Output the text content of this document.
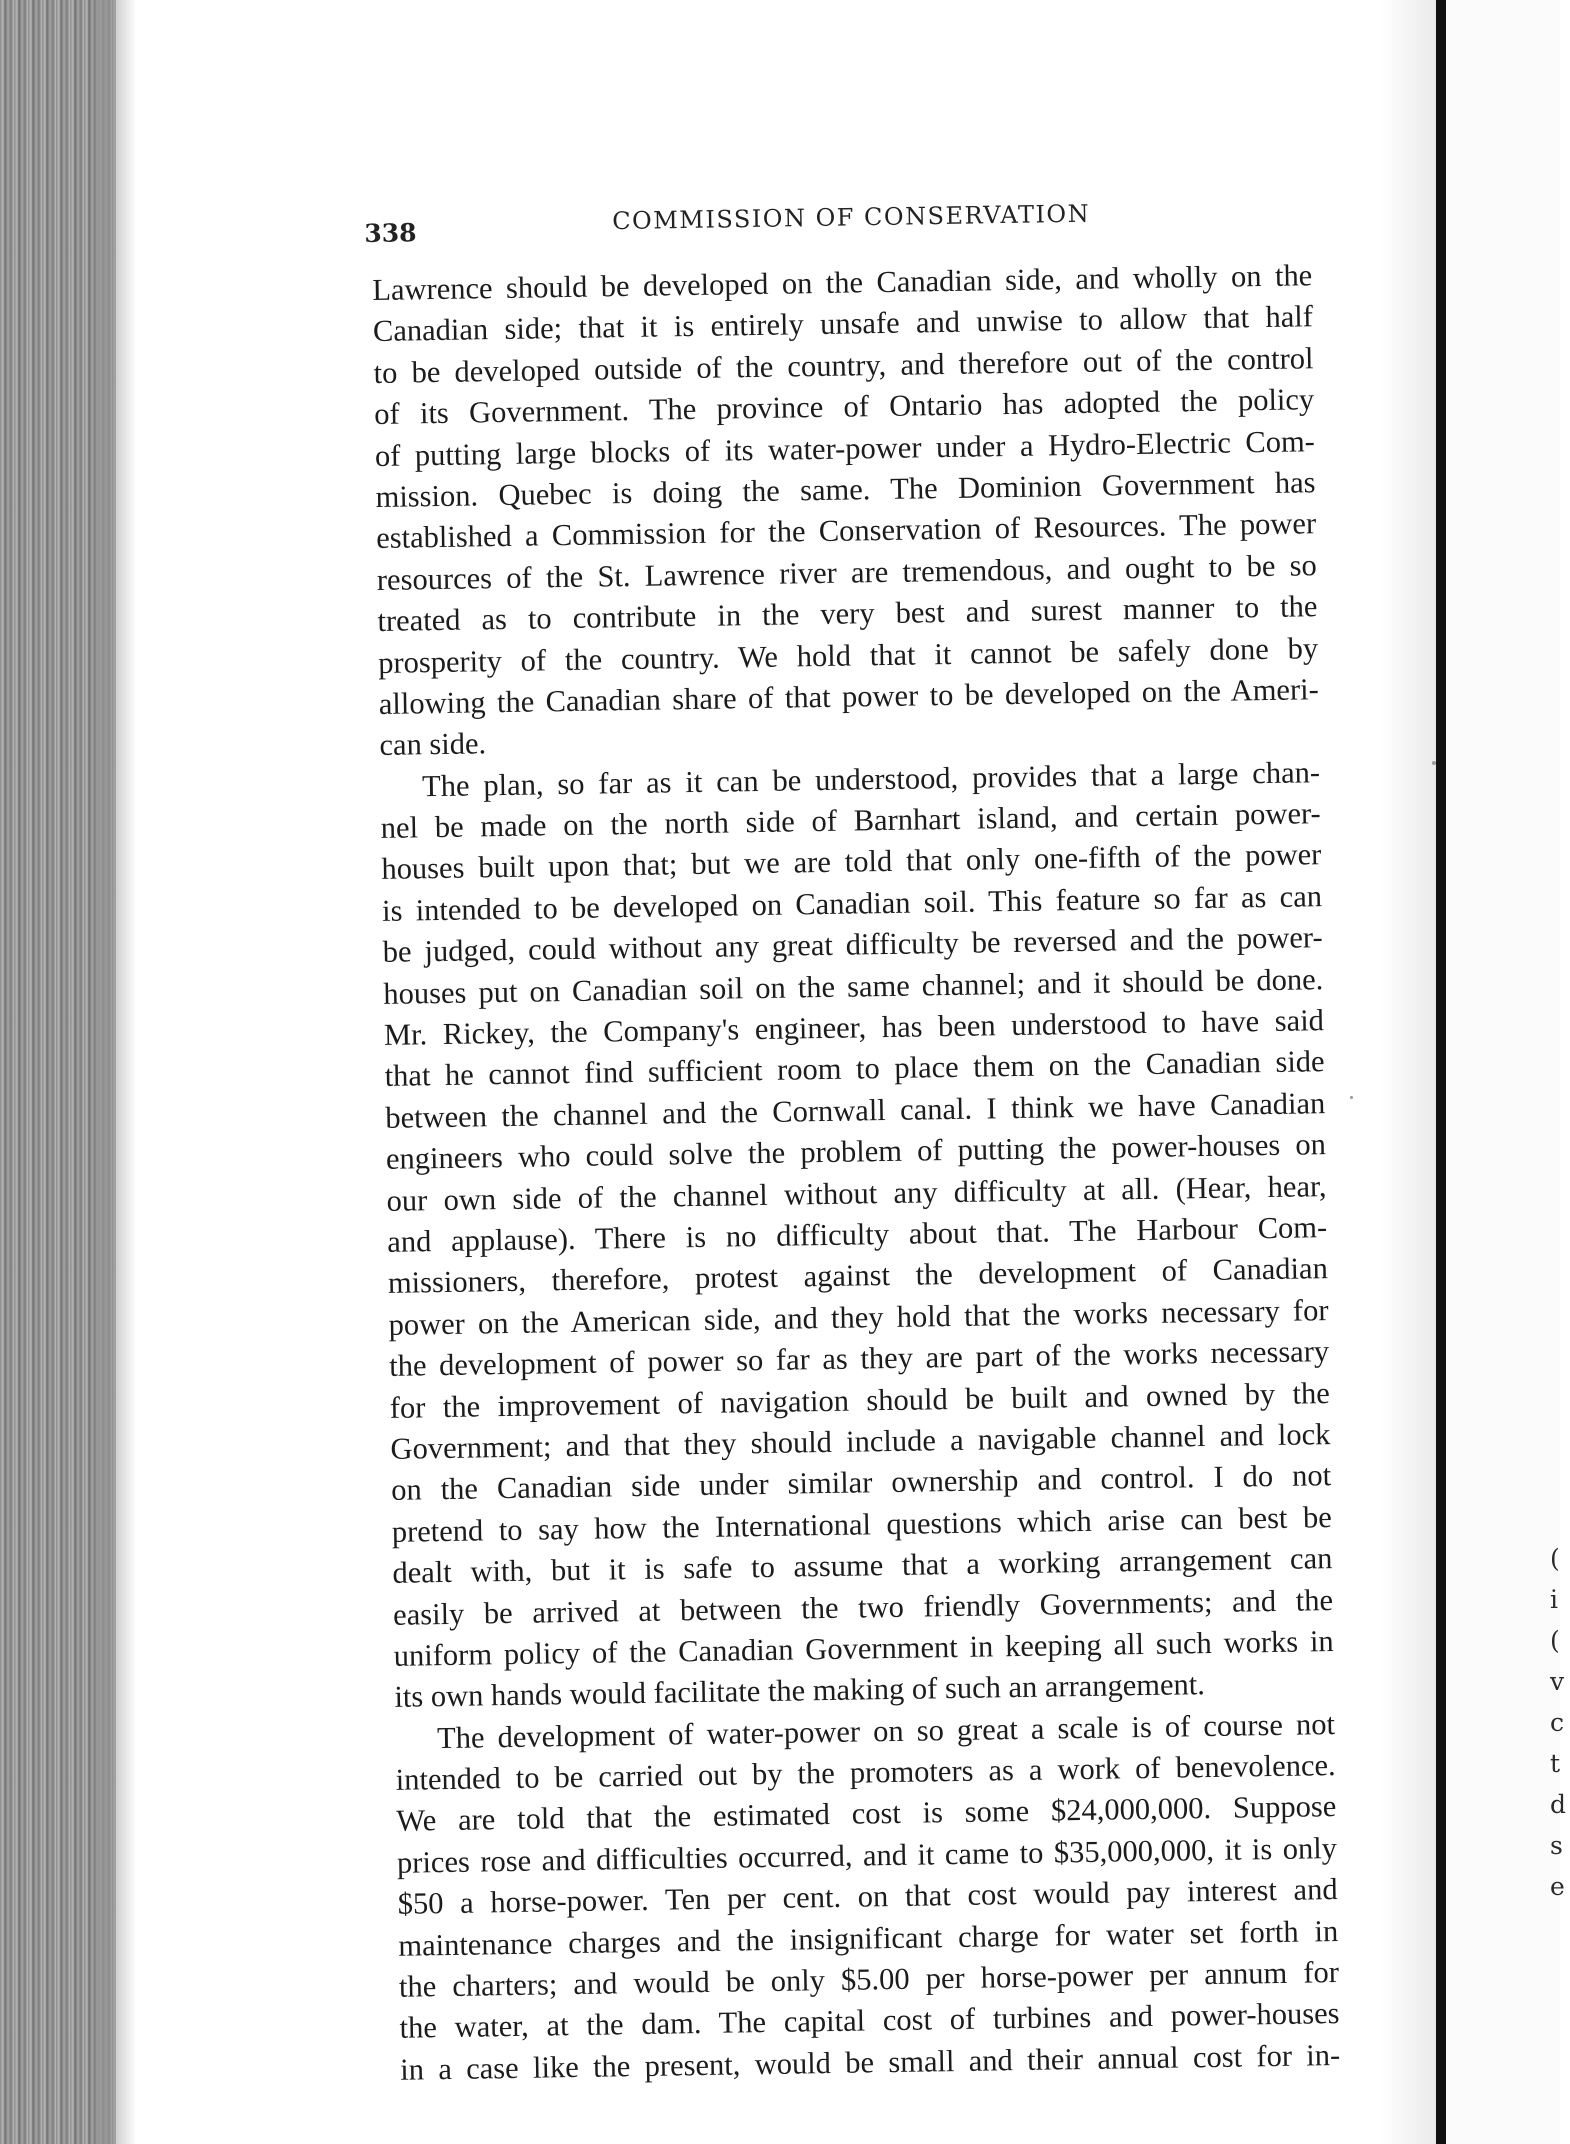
(
i
(
v
c
t
d
s
e
338	COMMISSION OF CONSERVATION
Lawrence should be developed on the Canadian side, and wholly on the
Canadian side; that it is entirely unsafe and unwise to allow that half
to be developed outside of the country, and therefore out of the control
of its Government. The province of Ontario has adopted the policy
of putting large blocks of its water-power under a Hydro-Electric Com-
mission. Quebec is doing the same. The Dominion Government has
established a Commission for the Conservation of Resources. The power
resources of the St. Lawrence river are tremendous, and ought to be so
treated as to contribute in the very best and surest manner to the
prosperity of the country. We hold that it cannot be safely done by
allowing the Canadian share of that power to be developed on the Ameri-
can side.
The plan, so far as it can be understood, provides that a large chan-
nel be made on the north side of Barnhart island, and certain power-
houses built upon that; but we are told that only one-fifth of the power
is intended to be developed on Canadian soil. This feature so far as can
be judged, could without any great difficulty be reversed and the power-
houses put on Canadian soil on the same channel; and it should be done.
Mr. Rickey, the Company's engineer, has been understood to have said
that he cannot find sufficient room to place them on the Canadian side
between the channel and the Cornwall canal. I think we have Canadian
engineers who could solve the problem of putting the power-houses on
our own side of the channel without any difficulty at all. (Hear, hear,
and applause). There is no difficulty about that. The Harbour Com-
missioners, therefore, protest against the development of Canadian
power on the American side, and they hold that the works necessary for
the development of power so far as they are part of the works necessary
for the improvement of navigation should be built and owned by the
Government; and that they should include a navigable channel and lock
on the Canadian side under similar ownership and control. I do not
pretend to say how the International questions which arise can best be
dealt with, but it is safe to assume that a working arrangement can
easily be arrived at between the two friendly Governments; and the
uniform policy of the Canadian Government in keeping all such works in
its own hands would facilitate the making of such an arrangement.
The development of water-power on so great a scale is of course not
intended to be carried out by the promoters as a work of benevolence.
We are told that the estimated cost is some $24,000,000. Suppose
prices rose and difficulties occurred, and it came to $35,000,000, it is only
$50 a horse-power. Ten per cent. on that cost would pay interest and
maintenance charges and the insignificant charge for water set forth in
the charters; and would be only $5.00 per horse-power per annum for
the water, at the dam. The capital cost of turbines and power-houses
in a case like the present, would be small and their annual cost for in-
